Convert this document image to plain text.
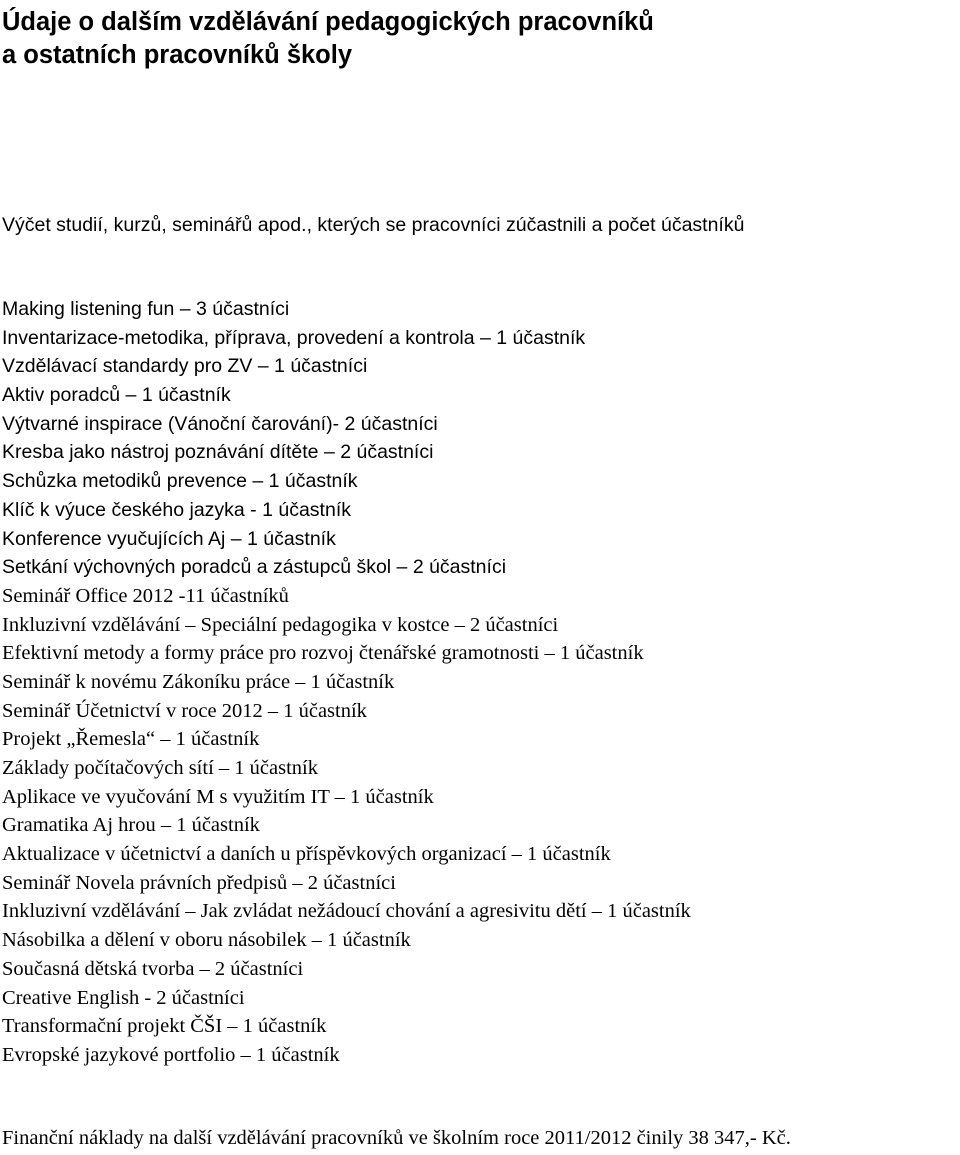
Údaje o dalším vzdělávání pedagogických pracovníků
a ostatních pracovníků školy
Výčet studií, kurzů, seminářů apod., kterých se pracovníci zúčastnili a počet účastníků
Making listening fun – 3 účastníci
Inventarizace-metodika, příprava, provedení a kontrola – 1 účastník
Vzdělávací standardy pro ZV – 1 účastníci
Aktiv poradců – 1 účastník
Výtvarné inspirace (Vánoční čarování)- 2 účastníci
Kresba jako nástroj poznávání dítěte – 2 účastníci
Schůzka metodiků prevence – 1 účastník
Klíč k výuce českého jazyka - 1 účastník
Konference vyučujících Aj – 1 účastník
Setkání výchovných poradců a zástupců škol – 2 účastníci
Seminář Office 2012 -11 účastníků
Inkluzivní vzdělávání – Speciální pedagogika v kostce – 2 účastníci
Efektivní metody a formy práce pro rozvoj čtenářské gramotnosti – 1 účastník
Seminář k novému Zákoníku práce – 1 účastník
Seminář Účetnictví v roce 2012 – 1 účastník
Projekt „Řemesla“ – 1 účastník
Základy počítačových sítí – 1 účastník
Aplikace ve vyučování M s využitím IT – 1 účastník
Gramatika Aj hrou – 1 účastník
Aktualizace v účetnictví a daních u příspěvkových organizací – 1 účastník
Seminář Novela právních předpisů – 2 účastníci
Inkluzivní vzdělávání – Jak zvládat nežádoucí chování a agresivitu dětí – 1 účastník
Násobilka a dělení v oboru násobilek – 1 účastník
Současná dětská tvorba – 2 účastníci
Creative English - 2 účastníci
Transformační projekt ČŠI – 1 účastník
Evropské jazykové portfolio – 1 účastník
Finanční náklady na další vzdělávání pracovníků ve školním roce 2011/2012 činily 38 347,- Kč.
